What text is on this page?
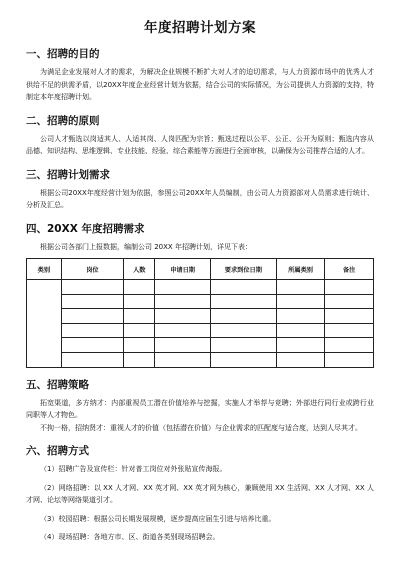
年度招聘计划方案
一、招聘的目的

为满足企业发展对人才的需求，为解决企业规模不断扩大对人才的迫切需求，与人力资源市场中的优秀人才供给不足的供需矛盾，以20XX年度企业经营计划为依据，结合公司的实际情况，为公司提供人力资源的支持，特制定本年度招聘计划。

二、招聘的原则

公司人才甄选以岗适其人、人适其岗、人岗匹配为宗旨；甄选过程以公平、公正、公开为原则；甄选内容从品德、知识结构、思维逻辑、专业技能、经验、综合素能等方面进行全面审核，以确保为公司推荐合适的人才。

三、招聘计划需求

根据公司20XX年度经营计划为依据，参照公司20XX年人员编制，由公司人力资源部对人员需求进行统计、分析及汇总。

四、20XX 年度招聘需求

根据公司各部门上报数据，编制公司 20XX 年招聘计划，详见下表：

类别	岗位	人数	申请日期	要求到位日期	所属类别	备注

五、招聘策略

拓宽渠道，多方纳才：内部重视员工潜在价值培养与挖掘，实施人才举荐与竞聘；外部进行同行业或跨行业同职等人才物色。

不拘一格，招纳贤才：重视人才的价值（包括潜在价值）与企业需求的匹配度与适合度，达到人尽其才。

六、招聘方式

（1）招聘广告及宣传栏：针对普工岗位对外张贴宣传海报。

（2）网络招聘：以 XX 人才网、XX 英才网、XX 英才网为核心，兼顾使用 XX 生活网、XX 人才网、XX 人才网、论坛等网络渠道引才。

（3）校园招聘：根据公司长期发展规模，逐步提高应届生引进与培养比重。

（4）现场招聘：各地方市、区、街道各类别现场招聘会。
